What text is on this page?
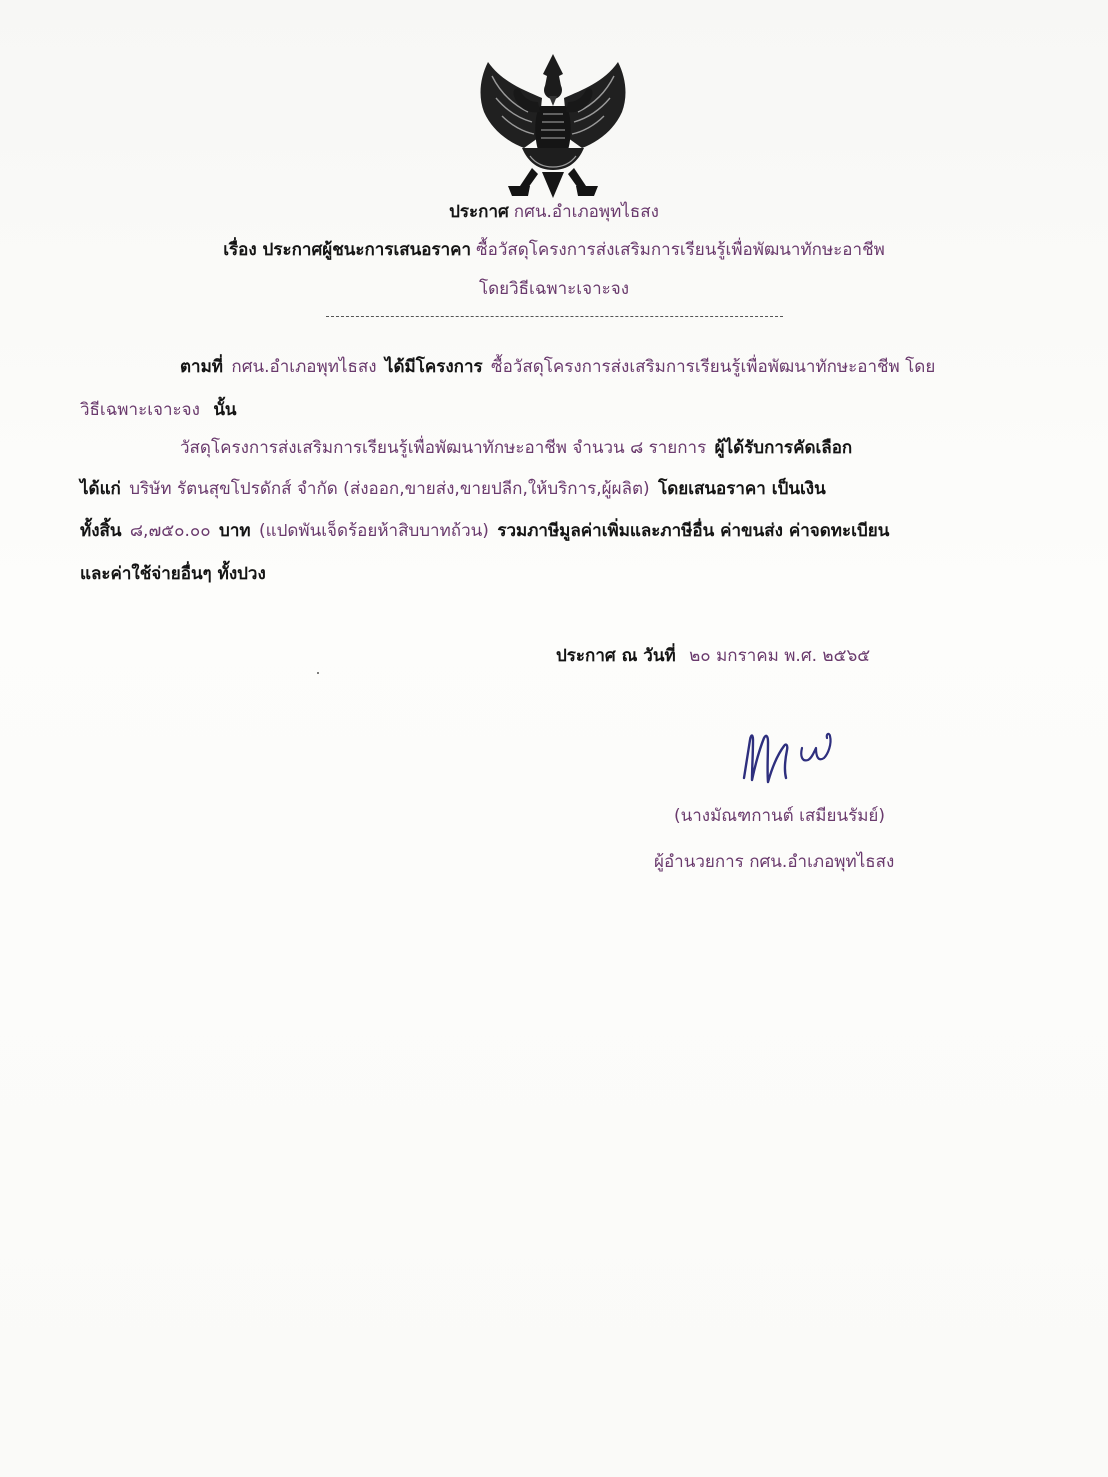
ประกาศ กศน.อำเภอพุทไธสง
เรื่อง ประกาศผู้ชนะการเสนอราคา ซื้อวัสดุโครงการส่งเสริมการเรียนรู้เพื่อพัฒนาทักษะอาชีพ
โดยวิธีเฉพาะเจาะจง
ตามที่ กศน.อำเภอพุทไธสง ได้มีโครงการ ซื้อวัสดุโครงการส่งเสริมการเรียนรู้เพื่อพัฒนาทักษะอาชีพ โดย
วิธีเฉพาะเจาะจง นั้น
วัสดุโครงการส่งเสริมการเรียนรู้เพื่อพัฒนาทักษะอาชีพ จำนวน ๘ รายการ ผู้ได้รับการคัดเลือก
ได้แก่ บริษัท รัตนสุขโปรดักส์ จำกัด (ส่งออก,ขายส่ง,ขายปลีก,ให้บริการ,ผู้ผลิต) โดยเสนอราคา เป็นเงิน
ทั้งสิ้น ๘,๗๕๐.๐๐ บาท (แปดพันเจ็ดร้อยห้าสิบบาทถ้วน) รวมภาษีมูลค่าเพิ่มและภาษีอื่น ค่าขนส่ง ค่าจดทะเบียน
และค่าใช้จ่ายอื่นๆ ทั้งปวง
ประกาศ ณ วันที่ ๒๐ มกราคม พ.ศ. ๒๕๖๕
(นางมัณฑกานต์ เสมียนรัมย์)
ผู้อำนวยการ กศน.อำเภอพุทไธสง
